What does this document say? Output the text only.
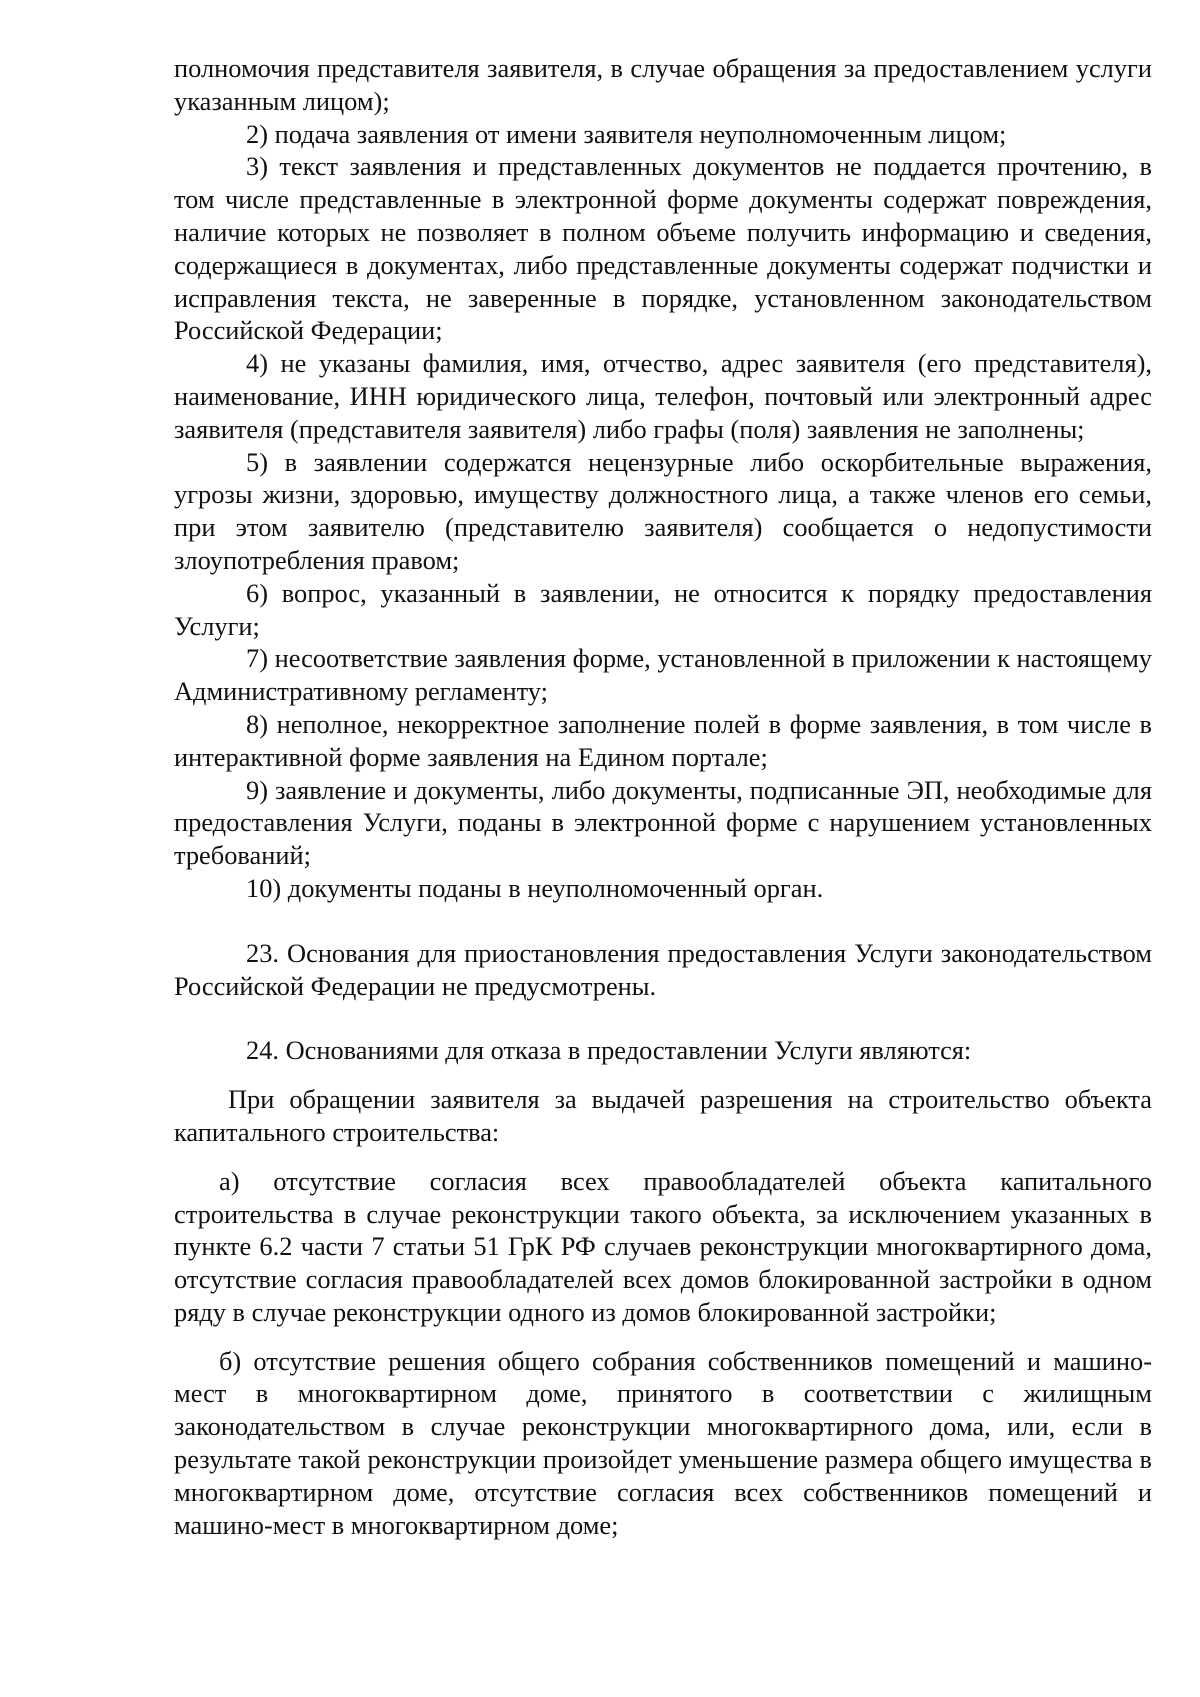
полномочия представителя заявителя, в случае обращения за предоставлением услуги указанным лицом);

2) подача заявления от имени заявителя неуполномоченным лицом;

3) текст заявления и представленных документов не поддается прочтению, в том числе представленные в электронной форме документы содержат повреждения, наличие которых не позволяет в полном объеме получить информацию и сведения, содержащиеся в документах, либо представленные документы содержат подчистки и исправления текста, не заверенные в порядке, установленном законодательством Российской Федерации;

4) не указаны фамилия, имя, отчество, адрес заявителя (его представителя), наименование, ИНН юридического лица, телефон, почтовый или электронный адрес заявителя (представителя заявителя) либо графы (поля) заявления не заполнены;

5) в заявлении содержатся нецензурные либо оскорбительные выражения, угрозы жизни, здоровью, имуществу должностного лица, а также членов его семьи, при этом заявителю (представителю заявителя) сообщается о недопустимости злоупотребления правом;

6) вопрос, указанный в заявлении, не относится к порядку предоставления Услуги;

7) несоответствие заявления форме, установленной в приложении к настоящему Административному регламенту;

8) неполное, некорректное заполнение полей в форме заявления, в том числе в интерактивной форме заявления на Едином портале;

9) заявление и документы, либо документы, подписанные ЭП, необходимые для предоставления Услуги, поданы в электронной форме с нарушением установленных требований;

10) документы поданы в неуполномоченный орган.

23. Основания для приостановления предоставления Услуги законодательством Российской Федерации не предусмотрены.

24. Основаниями для отказа в предоставлении Услуги являются:

При обращении заявителя за выдачей разрешения на строительство объекта капитального строительства:

а) отсутствие согласия всех правообладателей объекта капитального строительства в случае реконструкции такого объекта, за исключением указанных в пункте 6.2 части 7 статьи 51 ГрК РФ случаев реконструкции многоквартирного дома, отсутствие согласия правообладателей всех домов блокированной застройки в одном ряду в случае реконструкции одного из домов блокированной застройки;

б) отсутствие решения общего собрания собственников помещений и машино-мест в многоквартирном доме, принятого в соответствии с жилищным законодательством в случае реконструкции многоквартирного дома, или, если в результате такой реконструкции произойдет уменьшение размера общего имущества в многоквартирном доме, отсутствие согласия всех собственников помещений и машино-мест в многоквартирном доме;
